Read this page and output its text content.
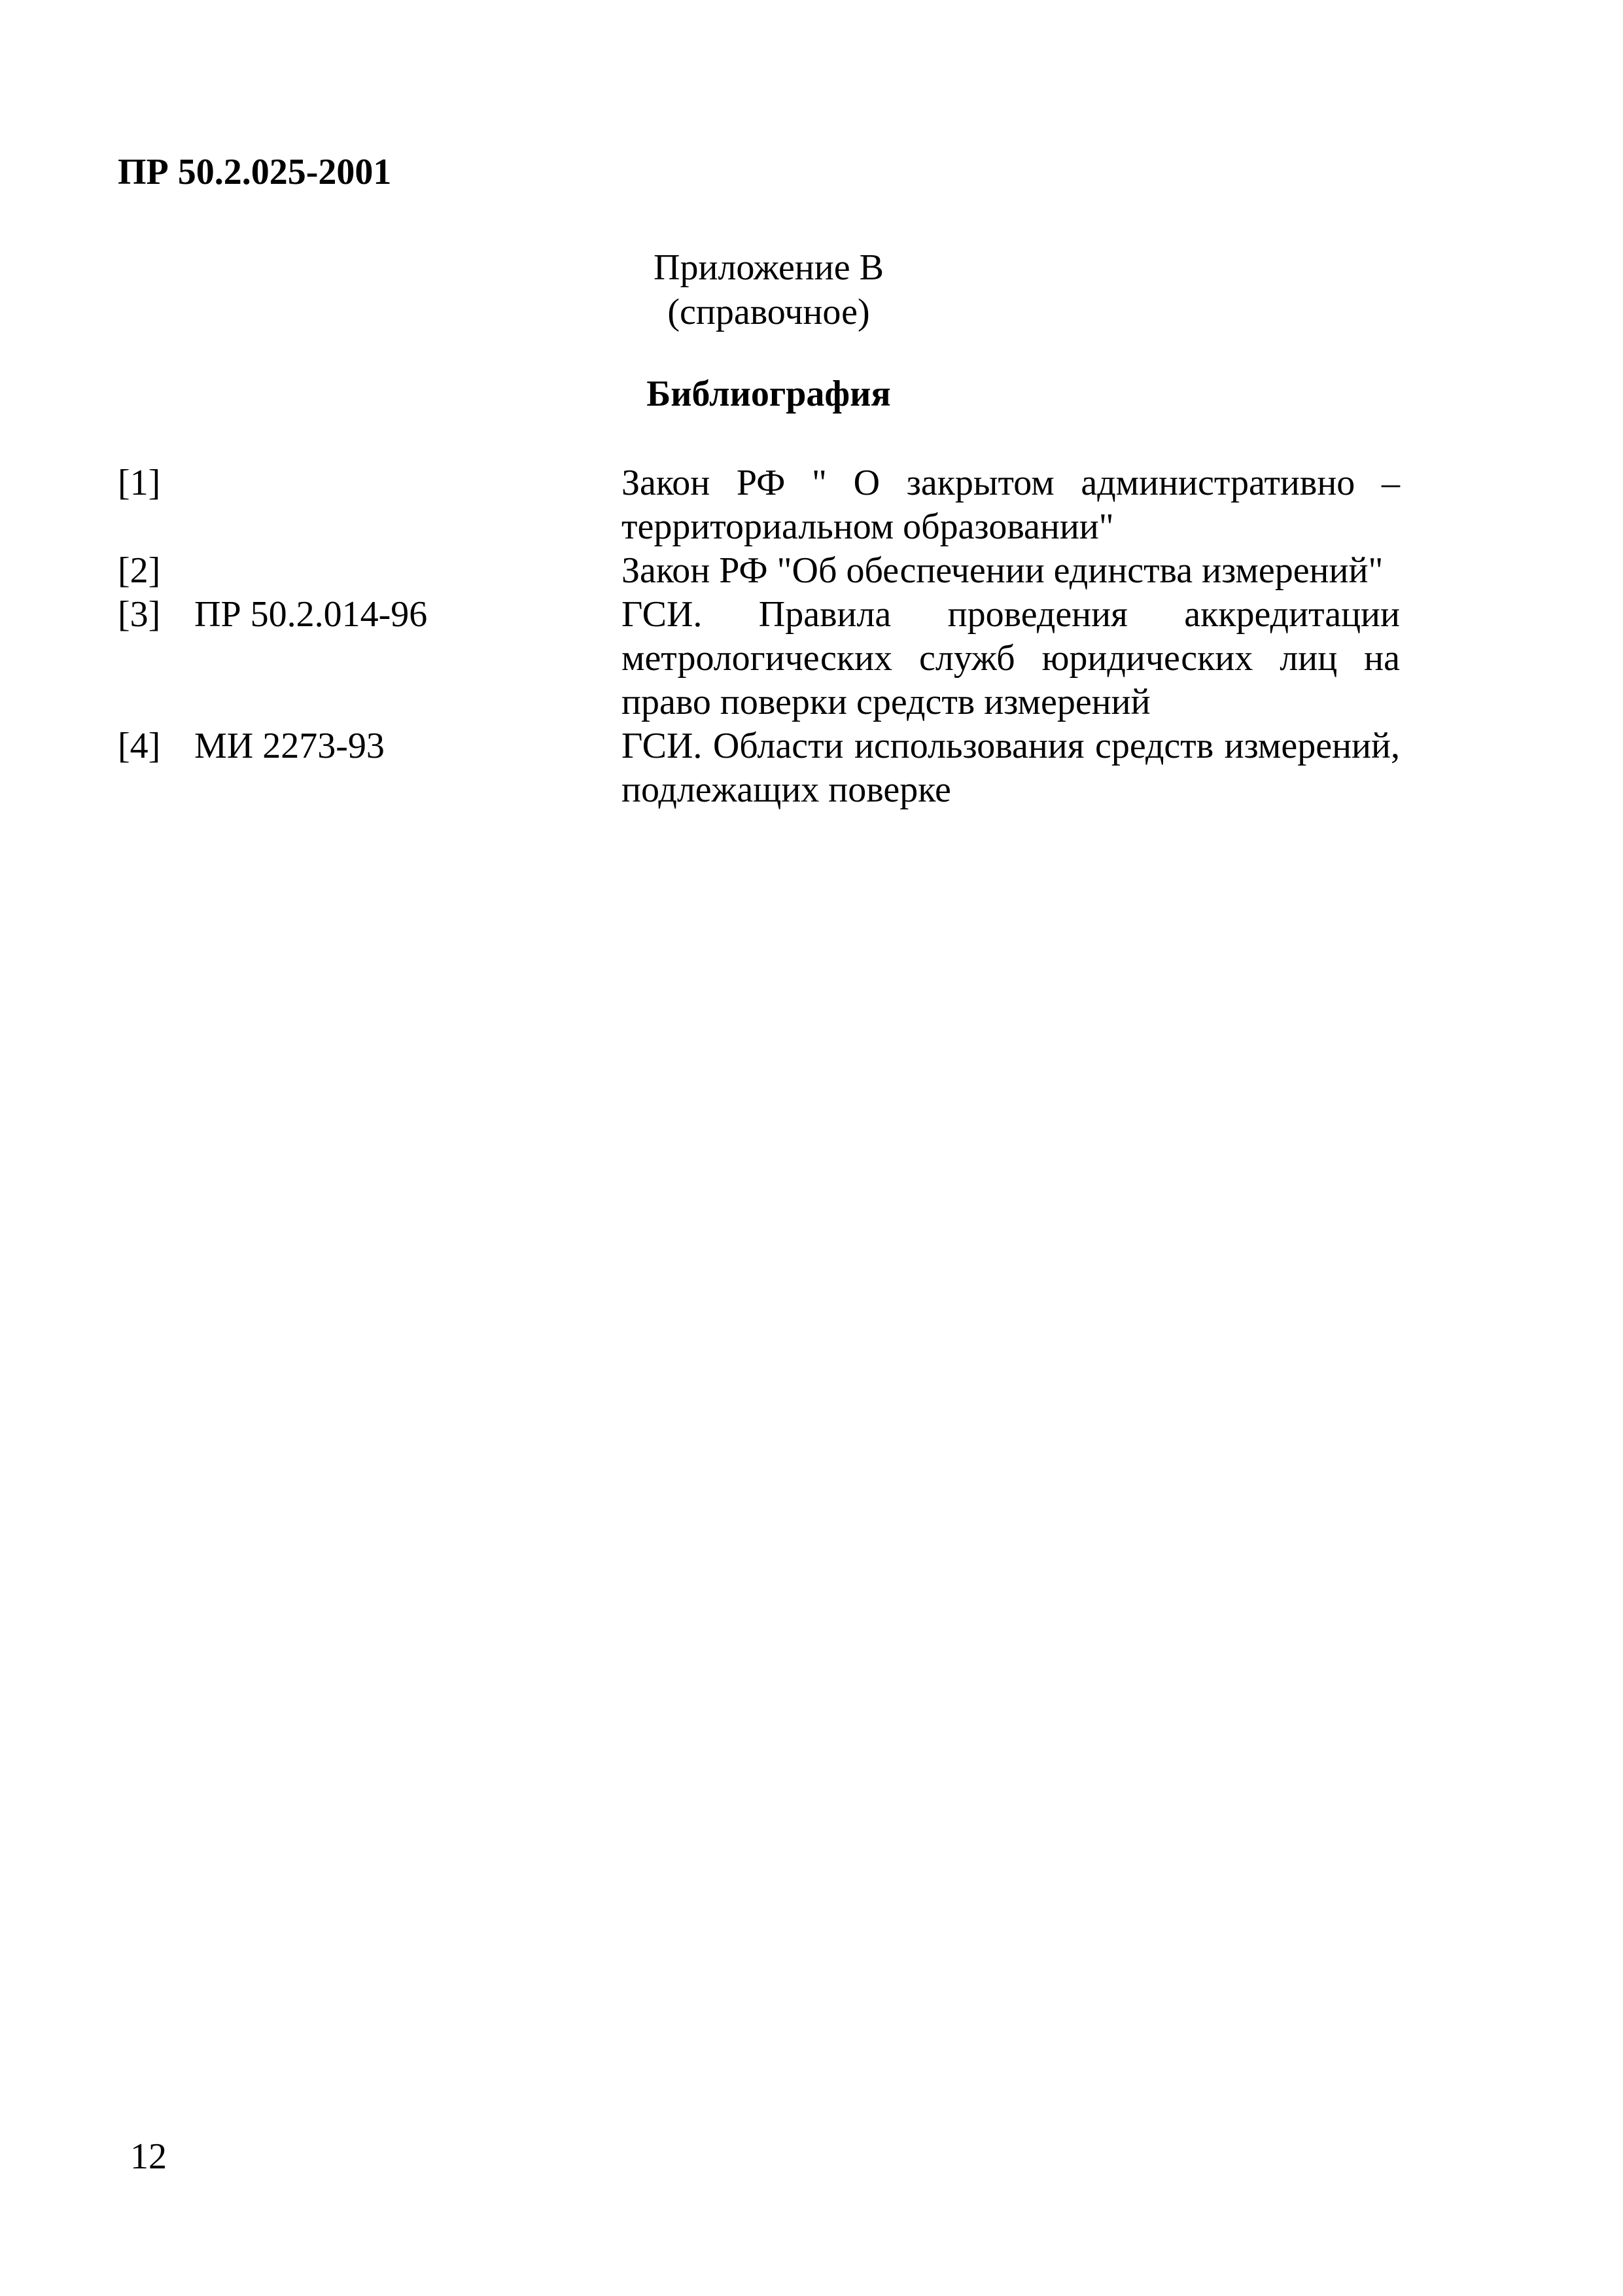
ПР 50.2.025-2001
Приложение В
(справочное)
Библиография
[1]	Закон РФ " О закрытом административно – территориальном образовании"
[2]	Закон РФ "Об обеспечении единства измерений"
[3] ПР 50.2.014-96	ГСИ. Правила проведения аккредитации метрологических служб юридических лиц на право поверки средств измерений
[4] МИ 2273-93	ГСИ. Области использования средств измерений, подлежащих поверке
12
